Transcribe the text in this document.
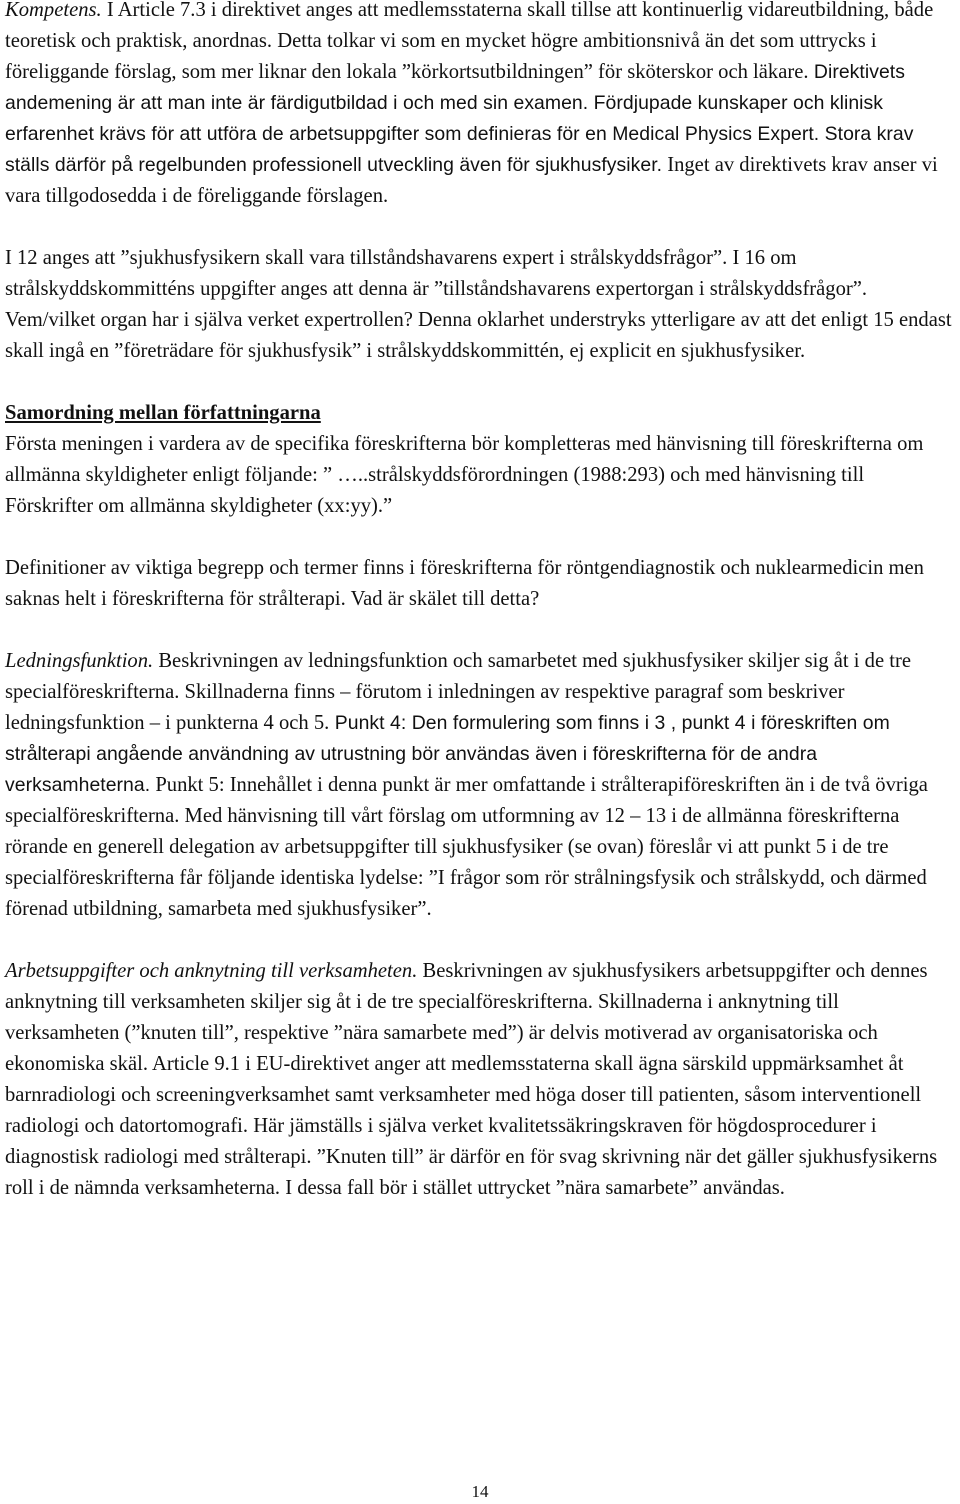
Kompetens. I Article 7.3 i direktivet anges att medlemsstaterna skall tillse att kontinuerlig vidareutbildning, både teoretisk och praktisk, anordnas. Detta tolkar vi som en mycket högre ambitionsnivå än det som uttrycks i föreliggande förslag, som mer liknar den lokala ”körkortsutbildningen” för sköterskor och läkare. Direktivets andemening är att man inte är färdigutbildad i och med sin examen. Fördjupade kunskaper och klinisk erfarenhet krävs för att utföra de arbetsuppgifter som definieras för en Medical Physics Expert. Stora krav ställs därför på regelbunden professionell utveckling även för sjukhusfysiker. Inget av direktivets krav anser vi vara tillgodosedda i de föreliggande förslagen.

I 12 anges att ”sjukhusfysikern skall vara tillståndshavarens expert i strålskyddsfrågor”. I 16 om strålskyddskommitténs uppgifter anges att denna är ”tillståndshavarens expertorgan i strålskyddsfrågor”. Vem/vilket organ har i själva verket expertrollen? Denna oklarhet understryks ytterligare av att det enligt 15 endast skall ingå en ”företrädare för sjukhusfysik” i strålskyddskommittén, ej explicit en sjukhusfysiker.

Samordning mellan författningarna

Första meningen i vardera av de specifika föreskrifterna bör kompletteras med hänvisning till föreskrifterna om allmänna skyldigheter enligt följande: ” …..strålskyddsförordningen (1988:293) och med hänvisning till Förskrifter om allmänna skyldigheter (xx:yy).”

Definitioner av viktiga begrepp och termer finns i föreskrifterna för röntgendiagnostik och nuklearmedicin men saknas helt i föreskrifterna för strålterapi. Vad är skälet till detta?

Ledningsfunktion. Beskrivningen av ledningsfunktion och samarbetet med sjukhusfysiker skiljer sig åt i de tre specialföreskrifterna. Skillnaderna finns – förutom i inledningen av respektive paragraf som beskriver ledningsfunktion – i punkterna 4 och 5. Punkt 4: Den formulering som finns i 3 , punkt 4 i föreskriften om strålterapi angående användning av utrustning bör användas även i föreskrifterna för de andra verksamheterna. Punkt 5: Innehållet i denna punkt är mer omfattande i strålterapiföreskriften än i de två övriga specialföreskrifterna. Med hänvisning till vårt förslag om utformning av 12 – 13 i de allmänna föreskrifterna rörande en generell delegation av arbetsuppgifter till sjukhusfysiker (se ovan) föreslår vi att punkt 5 i de tre specialföreskrifterna får följande identiska lydelse: ”I frågor som rör strålningsfysik och strålskydd, och därmed förenad utbildning, samarbeta med sjukhusfysiker”.

Arbetsuppgifter och anknytning till verksamheten. Beskrivningen av sjukhusfysikers arbetsuppgifter och dennes anknytning till verksamheten skiljer sig åt i de tre specialföreskrifterna. Skillnaderna i anknytning till verksamheten (”knuten till”, respektive ”nära samarbete med”) är delvis motiverad av organisatoriska och ekonomiska skäl. Article 9.1 i EU-direktivet anger att medlemsstaterna skall ägna särskild uppmärksamhet åt barnradiologi och screeningverksamhet samt verksamheter med höga doser till patienten, såsom interventionell radiologi och datortomografi. Här jämställs i själva verket kvalitetssäkringskraven för högdosprocedurer i diagnostisk radiologi med strålterapi. ”Knuten till” är därför en för svag skrivning när det gäller sjukhusfysikerns roll i de nämnda verksamheterna. I dessa fall bör i stället uttrycket ”nära samarbete” användas.

14
